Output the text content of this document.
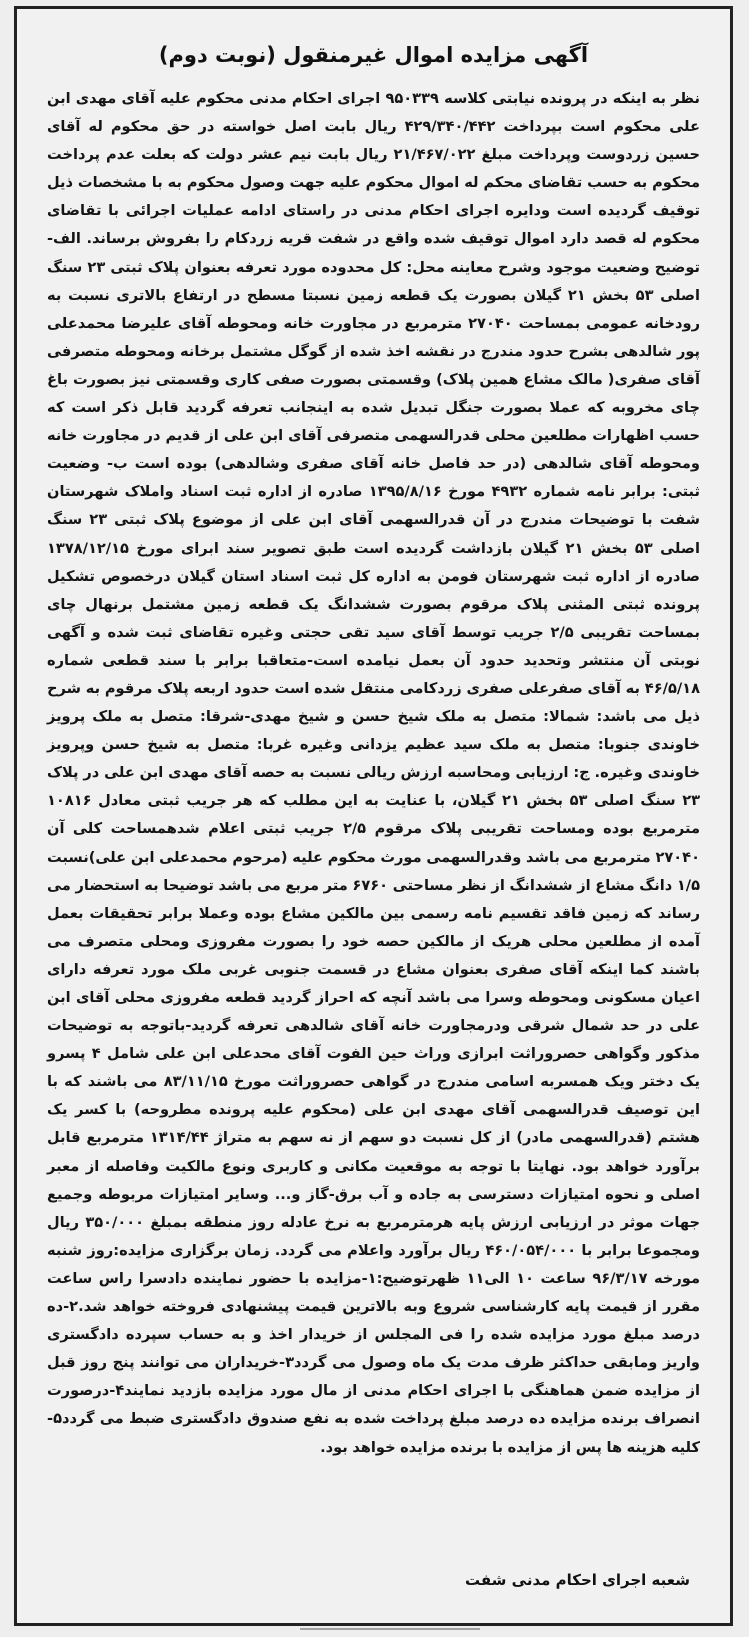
آگهی مزایده اموال غیرمنقول (نوبت دوم)
نظر به اینکه در پرونده نیابتی کلاسه ۹۵۰۳۳۹ اجرای احکام مدنی محکوم علیه آقای مهدی ابن علی محکوم است بپرداخت ۴۲۹/۳۴۰/۴۴۲ ریال بابت اصل خواسته در حق محکوم له آقای حسین زردوست وپرداخت مبلغ ۲۱/۴۶۷/۰۲۲ ریال بابت نیم عشر دولت که بعلت عدم پرداخت محکوم به حسب تقاضای محکم له اموال محکوم علیه جهت وصول محکوم به با مشخصات ذیل توقیف گردیده است ودایره اجرای احکام مدنی در راستای ادامه عملیات اجرائی با تقاضای محکوم له قصد دارد اموال توقیف شده واقع در شفت قریه زردکام را بفروش برساند. الف- توضیح وضعیت موجود وشرح معاینه محل: کل محدوده مورد تعرفه بعنوان پلاک ثبتی ۲۳ سنگ اصلی ۵۳ بخش ۲۱ گیلان بصورت یک قطعه زمین نسبتا مسطح در ارتفاع بالاتری نسبت به رودخانه عمومی بمساحت ۲۷۰۴۰ مترمربع در مجاورت خانه ومحوطه آقای علیرضا محمدعلی پور شالدهی بشرح حدود مندرج در نقشه اخذ شده از گوگل مشتمل برخانه ومحوطه متصرفی آقای صفری( مالک مشاع همین پلاک) وقسمتی بصورت صفی کاری وقسمتی نیز بصورت باغ چای مخروبه که عملا بصورت جنگل تبدیل شده به اینجانب تعرفه گردید قابل ذکر است که حسب اظهارات مطلعین محلی قدرالسهمی متصرفی آقای ابن علی از قدیم در مجاورت خانه ومحوطه آقای شالدهی (در حد فاصل خانه آقای صفری وشالدهی) بوده است ب- وضعیت ثبتی: برابر نامه شماره ۴۹۳۲ مورخ ۱۳۹۵/۸/۱۶ صادره از اداره ثبت اسناد واملاک شهرستان شفت با توضیحات مندرج در آن قدرالسهمی آقای ابن علی از موضوع پلاک ثبتی ۲۳ سنگ اصلی ۵۳ بخش ۲۱ گیلان بازداشت گردیده است طبق تصویر سند ابرای مورخ ۱۳۷۸/۱۲/۱۵ صادره از اداره ثبت شهرستان فومن به اداره کل ثبت اسناد استان گیلان درخصوص تشکیل پرونده ثبتی المثنی پلاک مرقوم بصورت ششدانگ یک قطعه زمین مشتمل برنهال چای بمساحت تقریبی ۲/۵ جریب توسط آقای سید تقی حجتی وغیره تقاضای ثبت شده و آگهی نوبتی آن منتشر وتحدید حدود آن بعمل نیامده است-متعاقبا برابر با سند قطعی شماره ۴۶/۵/۱۸ به آقای صفرعلی صفری زردکامی منتقل شده است حدود اربعه پلاک مرقوم به شرح ذیل می باشد: شمالا: متصل به ملک شیخ حسن و شیخ مهدی-شرقا: متصل به ملک پرویز خاوندی جنوبا: متصل به ملک سید عظیم یزدانی وغیره غربا: متصل به شیخ حسن وپرویز خاوندی وغیره. ج: ارزیابی ومحاسبه ارزش ریالی نسبت به حصه آقای مهدی ابن علی در پلاک ۲۳ سنگ اصلی ۵۳ بخش ۲۱ گیلان، با عنایت به این مطلب که هر جریب ثبتی معادل ۱۰۸۱۶ مترمربع بوده ومساحت تقریبی پلاک مرقوم ۲/۵ جریب ثبتی اعلام شدهمساحت کلی آن ۲۷۰۴۰ مترمربع می باشد وقدرالسهمی مورث محکوم علیه (مرحوم محمدعلی ابن علی)نسبت ۱/۵ دانگ مشاع از ششدانگ از نظر مساحتی ۶۷۶۰ متر مربع می باشد توضیحا به استحضار می رساند که زمین فاقد تقسیم نامه رسمی بین مالکین مشاع بوده وعملا برابر تحقیقات بعمل آمده از مطلعین محلی هریک از مالکین حصه خود را بصورت مفروزی ومحلی متصرف می باشند کما اینکه آقای صفری بعنوان مشاع در قسمت جنوبی غربی ملک مورد تعرفه دارای اعیان مسکونی ومحوطه وسرا می باشد آنچه که احراز گردید قطعه مفروزی محلی آقای ابن علی در حد شمال شرقی ودرمجاورت خانه آقای شالدهی تعرفه گردید-باتوجه به توضیحات مذکور وگواهی حصروراثت ابرازی وراث حین الفوت آقای محدعلی ابن علی شامل ۴ پسرو یک دختر ویک همسربه اسامی مندرج در گواهی حصروراثت مورخ ۸۳/۱۱/۱۵ می باشند که با این توصیف قدرالسهمی آقای مهدی ابن علی (محکوم علیه پرونده مطروحه) با کسر یک هشتم (قدرالسهمی مادر) از کل نسبت دو سهم از نه سهم به متراژ ۱۳۱۴/۴۴ مترمربع قابل برآورد خواهد بود. نهایتا با توجه به موقعیت مکانی و کاربری ونوع مالکیت وفاصله از معبر اصلی و نحوه امتیازات دسترسی به جاده و آب برق-گاز و... وسایر امتیازات مربوطه وجمیع جهات موثر در ارزیابی ارزش پایه هرمترمربع به نرخ عادله روز منطقه بمبلغ ۳۵۰/۰۰۰ ریال ومجموعا برابر با ۴۶۰/۰۵۴/۰۰۰ ریال برآورد واعلام می گردد. زمان برگزاری مزایده:روز شنبه مورخه ۹۶/۳/۱۷ ساعت ۱۰ الی۱۱ ظهرتوضیح:۱-مزایده با حضور نماینده دادسرا راس ساعت مقرر از قیمت پایه کارشناسی شروع وبه بالاترین قیمت پیشنهادی فروخته خواهد شد.۲-ده درصد مبلغ مورد مزایده شده را فی المجلس از خریدار اخذ و به حساب سپرده دادگستری واریز ومابقی حداکثر ظرف مدت یک ماه وصول می گردد۳-خریداران می توانند پنج روز قبل از مزایده ضمن هماهنگی با اجرای احکام مدنی از مال مورد مزایده بازدید نمایند۴-درصورت انصراف برنده مزایده ده درصد مبلغ پرداخت شده به نفع صندوق دادگستری ضبط می گردد۵-کلیه هزینه ها پس از مزایده با برنده مزایده خواهد بود.
شعبه اجرای احکام مدنی شفت
